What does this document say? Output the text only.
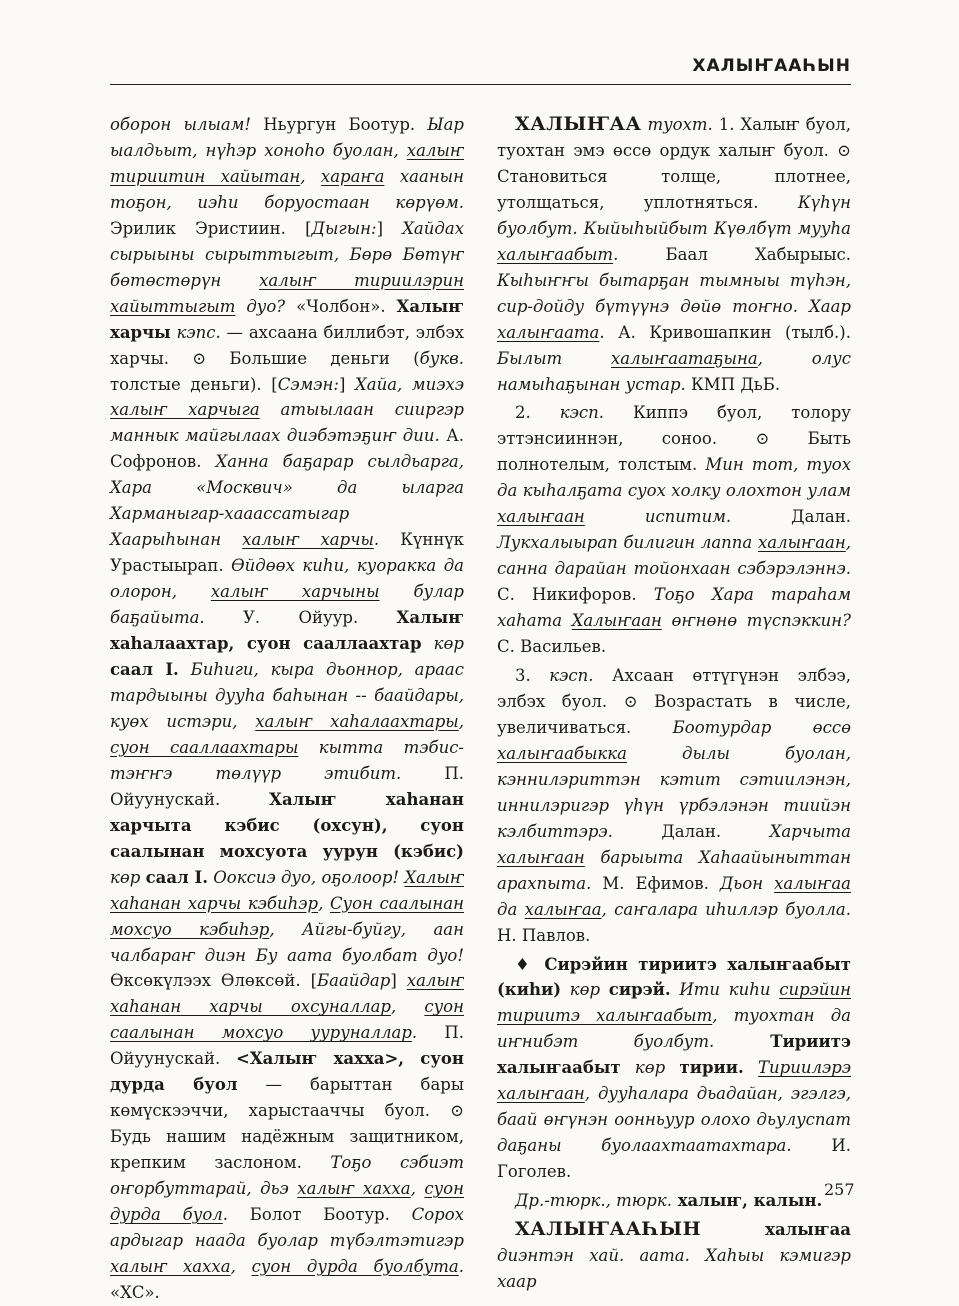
ХАЛЫҤААҺЫН

оборон ылыам! Ньургун Боотур. Ыар ыалдьыт, нүһэр хоноһо буолан, халыҥ тириитин хайытан, хараҥа хаанын тоҕон, иэһи боруостаан көрүөм. Эрилик Эристиин. [Дыгын:] Хайдах сырыыны сырыттыгыт, Бөрө Бөтүҥ бөтөстөрүн халыҥ тириилэрин хайыттыгыт дуо? «Чолбон». Халыҥ харчы кэпс. — ахсаана биллибэт, элбэх харчы. ⊙ Большие деньги (букв. толстые деньги). [Сэмэн:] Хайа, миэхэ халыҥ харчыга атыылаан сииргэр маннык майгылаах диэбэтэҕиҥ дии. А. Софронов. Ханна баҕарар сылдьарга, Хара «Москвич» да ыларга Харманыгар-хааассатыгар Хаарыһынан халыҥ харчы. Күннүк Урастыырап. Өйдөөх киһи, куоракка да олорон, халыҥ харчыны булар баҕайыта. У. Ойуур. Халыҥ хаһалаахтар, суон сааллаахтар көр саал I. Биһиги, кыра дьоннор, араас тардыыны дууһа баһынан -- баайдары, куөх истэри, халыҥ хаһалаахтары, суон сааллаахтары кытта тэбис-тэҥҥэ төлүүр этибит. П. Ойуунускай. Халыҥ хаһанан харчыта кэбис (охсун), суон саалынан мохсуота уурун (кэбис) көр саал I. Ооксиэ дуо, оҕолоор! Халыҥ хаһанан харчы кэбиһэр, Суон саалынан мохсуо кэбиһэр, Айгы-буйгу, аан чалбараҥ диэн Бу аата буолбат дуо! Өксөкүлээх Өлөксөй. [Баайдар] халыҥ хаһанан харчы охсуналлар, суон саалынан мохсуо ууруналлар. П. Ойуунускай. <Халыҥ хахха>, суон дурда буол — барыттан бары көмүскээччи, харыстааччы буол. ⊙ Будь нашим надёжным защитником, крепким заслоном. Тоҕо сэбиэт оҥорбуттарай, дьэ халыҥ хахха, суон дурда буол. Болот Боотур. Сорох ардыгар наада буолар түбэлтэтигэр халыҥ хахха, суон дурда буолбута. «ХС».

ХАЛЫҤАА туохт. 1. Халыҥ буол, туохтан эмэ өссө ордук халыҥ буол. ⊙ Становиться толще, плотнее, утолщаться, уплотняться. Күһүн буолбут. Кыйыһыйбыт Күөлбүт мууһа халыҥаабыт. Баал Хабырыыс. Кыһыҥҥы бытарҕан тымныы түһэн, сир-дойду бүтүүнэ дөйө тоҥно. Хаар халыҥаата. А. Кривошапкин (тылб.). Былыт халыҥаатаҕына, олус намыһаҕынан устар. КМП ДьБ.

2. кэсп. Киппэ буол, толору эттэнсииннэн, сонoо. ⊙ Быть полнотелым, толстым. Мин тот, туох да кыһалҕата суох холку олохтон улам халыҥаан испитим. Далан. Лукхалыырап билигин лаппа халыҥаан, санна дарайан тойонхаан сэбэрэлэннэ. С. Никифоров. Тоҕо Хара тараһам хаһата Халыҥаан өҥнөнө түспэккин? С. Васильев.

3. кэсп. Ахсаан өттүгүнэн элбээ, элбэх буол. ⊙ Возрастать в числе, увеличиваться. Боотурдар өссө халыҥаабыкка дылы буолан, кэннилэриттэн кэтит сэтиилэнэн, иннилэригэр үһүн үрбэлэнэн тиийэн кэлбиттэрэ. Далан. Харчыта халыҥаан барыыта Хаһаайыныттан арахпыта. М. Ефимов. Дьон халыҥаа да халыҥаа, саҥалара иһиллэр буолла. Н. Павлов.

♦ Сирэйин тириитэ халыҥаабыт (киһи) көр сирэй. Ити киһи сирэйин тириитэ халыҥаабыт, туохтан да иҥнибэт буолбут. Тириитэ халыҥаабыт көр тирии. Тириилэрэ халыҥаан, дууһалара дьадайан, эгэлгэ, баай өҥүнэн оонньуур олохо дьулуспат даҕаны буолаахтаатахтара. И. Гоголев.

Др.-тюрк., тюрк. халыҥ, калын.

ХАЛЫҤААҺЫН халыҥаа диэнтэн хай. аата. Хаһыы кэмигэр хаар

257
